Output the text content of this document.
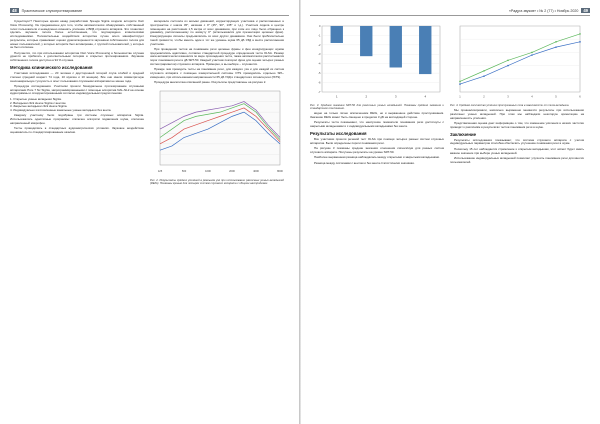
48	Практическое слухопротезирование

Существует? Некоторые время назад разработчики бренда Signia создали алгоритм Own Voice Processing. Он предназначен для того, чтобы автоматически обнаруживать собственный голос пользователя и немедленно изменять усиление и ВРД слухового аппарата. Это позволяет сделать звучание голоса более естественным, что подтверждено клиническими исследованиями. Положительные воздействия алгоритма лучше всего манифестирует результаты, которые сравнивают оценки удовлетворенности звучанием собственного голоса для новых пользователей, у которых алгоритм был активирован, с группой пользователей, у которых он был отключен.

Получается, что при использовании алгоритма Own Voice Processing в большинстве случаев удается не прибегать к дополнительным потерям в открытых протезированиях. Звучание собственного голоса доступно в 94 % случаев.

Методика клинического исследования

Участники исследования — 20 человек с двусторонней потерей слуха слабой и средней степени (средний возраст 74 года, 10 мужчин и 10 женщин). Все они имели симметричную сенсоневральную тугоухость и опыт пользования слуховыми аппаратами не менее года.

Процедура исследования. Участники прошли бинауральное протезирование слуховыми аппаратами Pure 7 Nx Signia, запрограммированными с помощью алгоритма NAL-NL2 на основе аудиограммы и откорректированными согласно индивидуальным предпочтениям.

1. Открытые ушные вкладыши Signia.
2. Вкладыши click sleeve Signia с вентом.
3. Закрытые вкладыши click sleeve Signia.
4. Индивидуально изготовленные канальные ушные вкладыши без вента.

Каждому участнику были подобраны три системы слуховых аппаратов Signia. Использовались однотипные программы: отключен алгоритм подавления шума, отключен направленный микрофон.

Тесты проводились в стандартных аудиометрических условиях. Звуковое воздействие оценивалось по стандартизированным шкалам.

материала состояла из восьми движений, корректирующих участника и расположенных в пространстве с шагом 45°, начиная с 0° (45°, 90°, 135° и т.д.). Участник сидела в центре помещения на расстоянии 1,5 метра от всех динамиков, при этом его лицо было обращено к динамику, расположенному по азимуту 0° (использовался для презентации целевых фраз). Конкурирующие сигналы предъявлялись со всех других динамиков. Они были приблизительно такой громкости, чтобы менять один и тот же уровень шума 65 дБ УЗД в месте расположения участника.

При проведении тестов на понимание речи целевые фразы и фон конкурирующих шумов предъявлялись адаптивно, согласно стандартной процедуре определения теста OLSA. Размер шага автоматически изменялся по мере прохождения теста, также автоматически рассчитывался порог понимания речи в дБ SRT-50. Каждый участник повторял фраз для оценки четырех разных систем (вариантов) слухового аппарата. Примерно, в вы выборе – слушаются.

Прежде чем проводить тесты на понимание речи, для каждого уха и для каждой из систем слухового аппарата с помощью измерительной системы OTS проводились отдельно SPL-измерения, при использовании направленности 65 дБ УЗД и стандартного сигнала речи (ISTS).

Процедура аналогична описанной ранее. Результаты представлены на рисунке 2.

125	500	1000	2000	4000	8000
Рис. 2. Результаты средних усилений в реальном ухе при использовании различных ушных вкладышей (REIG). Показаны кривые для четырех систем слухового аппарата с общими настройками.
«Радуга звуков» • № 2 (77) • Ноябрь 2020	49
-7
-6
-5
-4
-3
-2
-1
0
1	2	3	4
Рис. 3. Средние значения SRT-50 для различных ушных вкладышей. Показаны средние значения и стандартное отклонение.

видно на только лично исключением REIG, но и выраженное действие прослушивания. Значение REIG может быть смещено в пределах 3 дБ на восходящей стороне.

Результаты теста показывают, что наилучшие показатели понимания речи достигнуты с закрытыми вкладышами и с индивидуальными вкладышами без вента.

Результаты исследования

Все участники прошли речевой тест OLSA при помощи четырех разных систем слуховых аппаратов. Были определены пороги понимания речи.

На рисунке 3 показаны средние значения отношения сигнал/шум для разных систем слухового аппарата. Получены результаты на уровне SRT-50.

Наиболее выраженная разница наблюдалась между открытыми и закрытыми вкладышами.

Разница между системами с вентом и без вента статистически значимая.

1	2	3	4	5	6
Рис. 4. Среднее количество успешно прослушанных слов в зависимости от типа вкладыша.

Мы проанализировали, насколько выраженно меняются результаты при использовании различных ушных вкладышей. При этом мы наблюдали некоторую ориентацию на направленность усиления.

Представленная оценка дает информацию о том, что изменение усиления в низких частотах приводит к различиям в результатах тестов понимания речи в шуме.

Заключение

Результаты исследования показывают, что система слухового аппарата с учетом индивидуальных параметров способна обеспечить улучшение понимания речи в шуме.

Поскольку 15 лет наблюдается стремление к открытым вкладышам, этот аспект будет иметь важное значение при выборе ушных вкладышей.

Использование индивидуальных вкладышей позволяет улучшить понимание речи для многих пользователей.
